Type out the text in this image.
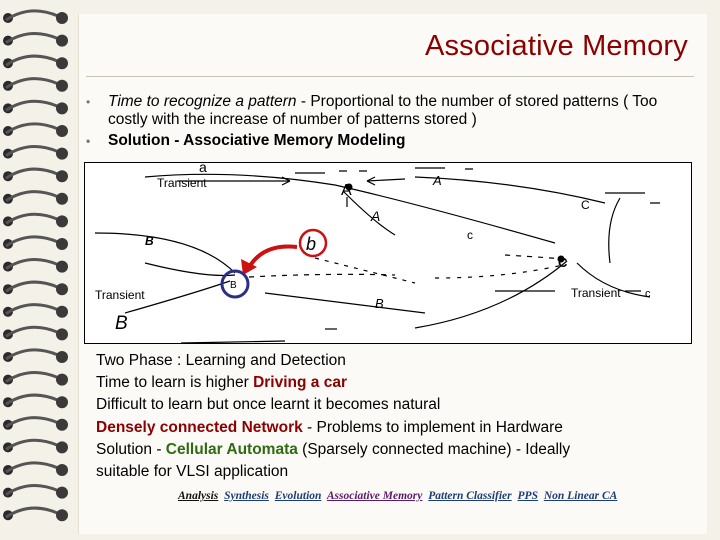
Associative Memory
• Time to recognize a pattern - Proportional to the number of stored patterns ( Too costly with the increase of number of patterns stored )
• Solution - Associative Memory Modeling
Transient
a
A
A
A
C
c
C
B	b
B
Transient
B
Transient c
B
Two Phase : Learning and Detection
Time to learn is higher Driving a car
Difficult to learn but once learnt it becomes natural
Densely connected Network - Problems to implement in Hardware
Solution - Cellular Automata (Sparsely connected machine) - Ideally
suitable for VLSI application
Analysis Synthesis Evolution Associative Memory Pattern Classifier PPS Non Linear CA
